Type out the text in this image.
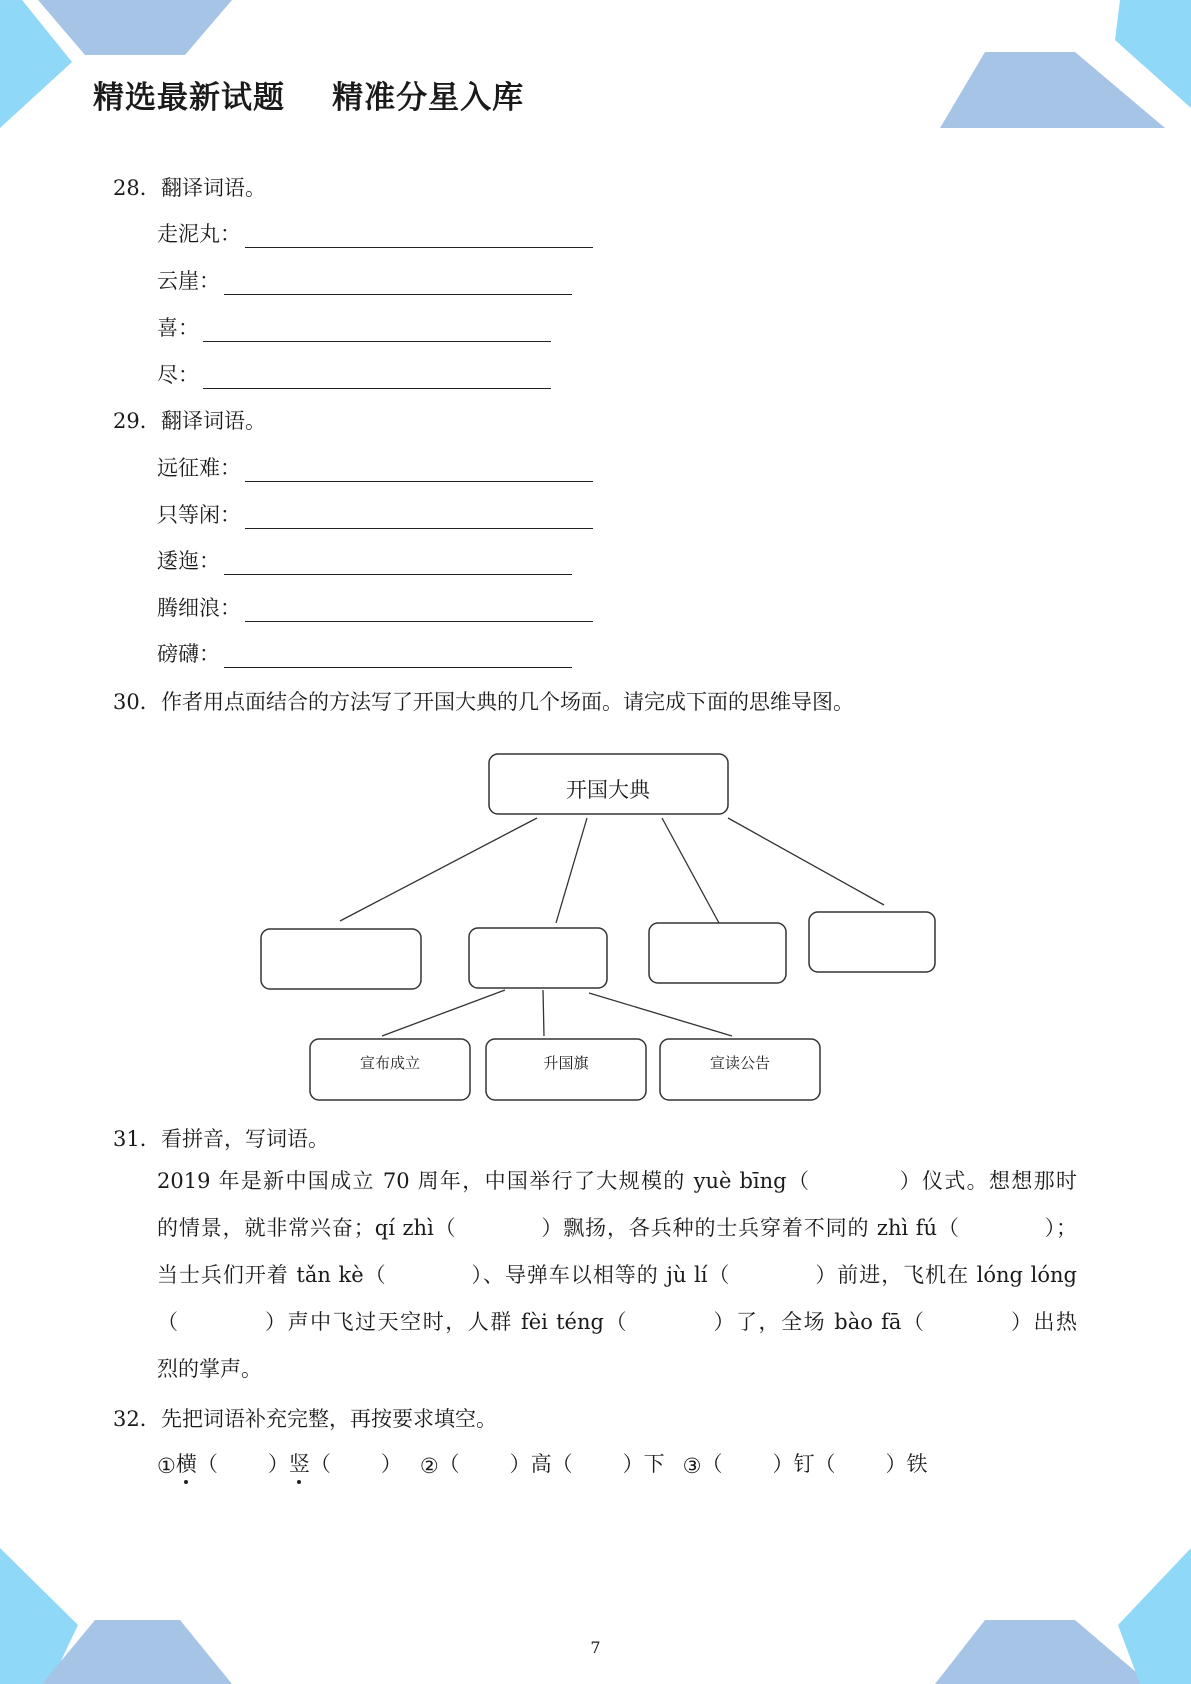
精选最新试题    精准分星入库
28．翻译词语。
走泥丸：
云崖：
喜：
尽：
29．翻译词语。
远征难：
只等闲：
逶迤：
腾细浪：
磅礴：
30．作者用点面结合的方法写了开国大典的几个场面。请完成下面的思维导图。
开国大典
宣布成立	升国旗	宣读公告
31．看拼音，写词语。
2019 年是新中国成立 70 周年，中国举行了大规模的 yuè bīng（	）仪式。想想那时
的情景，就非常兴奋；qí zhì（	）飘扬，各兵种的士兵穿着不同的 zhì fú（	）；
当士兵们开着 tǎn kè（	）、导弹车以相等的 jù lí（	）前进，飞机在 lóng lóng
（	）声中飞过天空时，人群 fèi téng（	）了，全场 bào fā（	）出热
烈的掌声。
32．先把词语补充完整，再按要求填空。
① 横 （ ） 竖 （ ） ② （ ）高（ ）下 ③ （ ）钉（ ）铁
7
